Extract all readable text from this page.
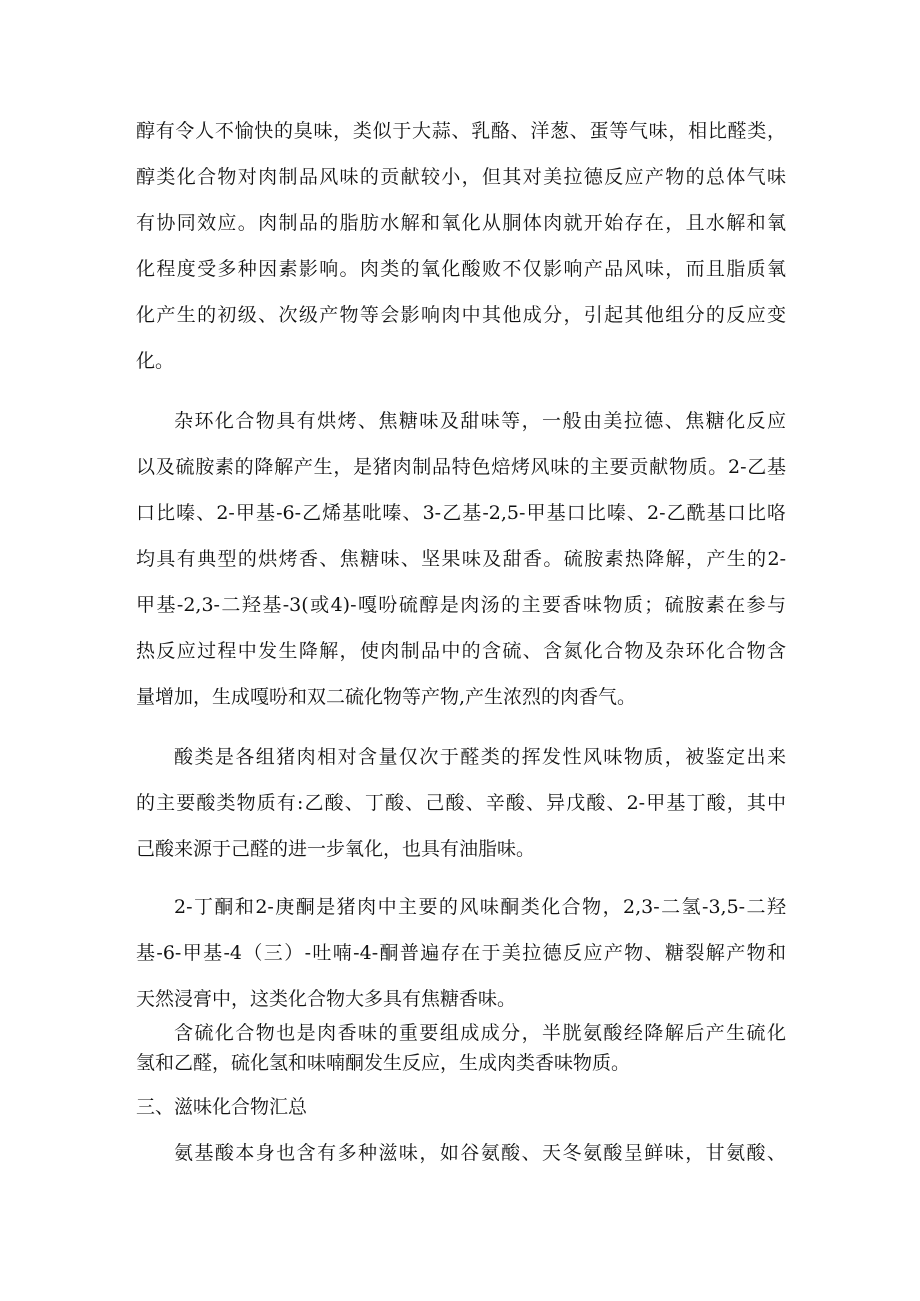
醇有令人不愉快的臭味，类似于大蒜、乳酪、洋葱、蛋等气味，相比醛类，

醇类化合物对肉制品风味的贡献较小，但其对美拉德反应产物的总体气味

有协同效应。肉制品的脂肪水解和氧化从胴体肉就开始存在，且水解和氧

化程度受多种因素影响。肉类的氧化酸败不仅影响产品风味，而且脂质氧

化产生的初级、次级产物等会影响肉中其他成分，引起其他组分的反应变

化。

杂环化合物具有烘烤、焦糖味及甜味等，一般由美拉德、焦糖化反应

以及硫胺素的降解产生，是猪肉制品特色焙烤风味的主要贡献物质。2-乙基

口比嗪、2-甲基-6-乙烯基吡嗪、3-乙基-2,5-甲基口比嗪、2-乙酰基口比咯

均具有典型的烘烤香、焦糖味、坚果味及甜香。硫胺素热降解，产生的2-

甲基-2,3-二羟基-3(或4)-嘎吩硫醇是肉汤的主要香味物质；硫胺素在参与

热反应过程中发生降解，使肉制品中的含硫、含氮化合物及杂环化合物含

量增加，生成嘎吩和双二硫化物等产物,产生浓烈的肉香气。

酸类是各组猪肉相对含量仅次于醛类的挥发性风味物质，被鉴定出来

的主要酸类物质有:乙酸、丁酸、己酸、辛酸、异戊酸、2-甲基丁酸，其中

己酸来源于己醛的进一步氧化，也具有油脂味。

2-丁酮和2-庚酮是猪肉中主要的风味酮类化合物，2,3-二氢-3,5-二羟

基-6-甲基-4（三）-吐喃-4-酮普遍存在于美拉德反应产物、糖裂解产物和

天然浸膏中，这类化合物大多具有焦糖香味。

含硫化合物也是肉香味的重要组成成分，半胱氨酸经降解后产生硫化

氢和乙醛，硫化氢和味喃酮发生反应，生成肉类香味物质。

三、滋味化合物汇总

氨基酸本身也含有多种滋味，如谷氨酸、天冬氨酸呈鲜味，甘氨酸、
